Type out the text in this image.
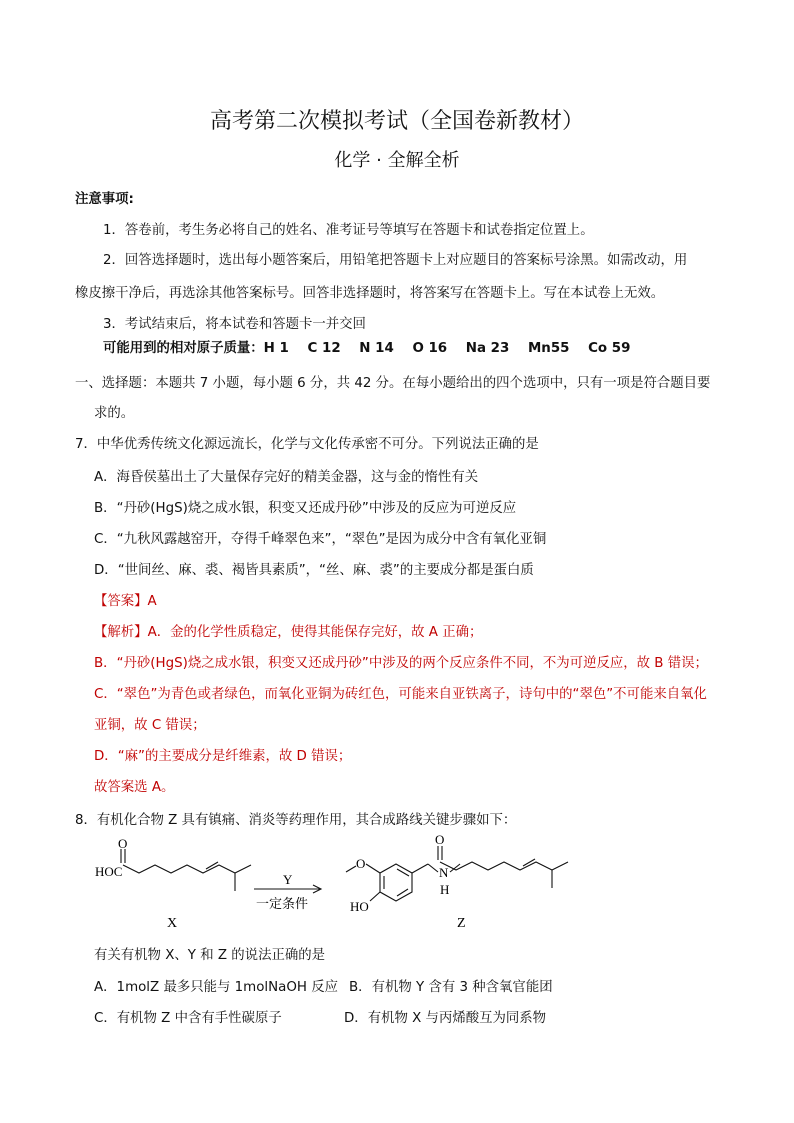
高考第二次模拟考试（全国卷新教材）
化学 · 全解全析
注意事项:
1．答卷前，考生务必将自己的姓名、准考证号等填写在答题卡和试卷指定位置上。
2．回答选择题时，选出每小题答案后，用铅笔把答题卡上对应题目的答案标号涂黑。如需改动，用
橡皮擦干净后，再选涂其他答案标号。回答非选择题时，将答案写在答题卡上。写在本试卷上无效。
3．考试结束后，将本试卷和答题卡一并交回
可能用到的相对原子质量：H 1    C 12    N 14    O 16    Na 23    Mn55    Co 59
一、选择题：本题共 7 小题，每小题 6 分，共 42 分。在每小题给出的四个选项中，只有一项是符合题目要
求的。
7．中华优秀传统文化源远流长，化学与文化传承密不可分。下列说法正确的是
A．海昏侯墓出土了大量保存完好的精美金器，这与金的惰性有关
B．“丹砂(HgS)烧之成水银，积变又还成丹砂”中涉及的反应为可逆反应
C．“九秋风露越窑开，夺得千峰翠色来”，“翠色”是因为成分中含有氧化亚铜
D．“世间丝、麻、裘、褐皆具素质”，“丝、麻、裘”的主要成分都是蛋白质
【答案】A
【解析】A．金的化学性质稳定，使得其能保存完好，故 A 正确；
B．“丹砂(HgS)烧之成水银，积变又还成丹砂”中涉及的两个反应条件不同，不为可逆反应，故 B 错误；
C．“翠色”为青色或者绿色，而氧化亚铜为砖红色，可能来自亚铁离子，诗句中的“翠色”不可能来自氧化
亚铜，故 C 错误；
D．“麻”的主要成分是纤维素，故 D 错误；
故答案选 A。
8．有机化合物 Z 具有镇痛、消炎等药理作用，其合成路线关键步骤如下：
O
HOC
X
Y
一定条件
O
HO
N
H
O
Z
有关有机物 X、Y 和 Z 的说法正确的是
A．1molZ 最多只能与 1molNaOH 反应 B．有机物 Y 含有 3 种含氧官能团
C．有机物 Z 中含有手性碳原子	D．有机物 X 与丙烯酸互为同系物
